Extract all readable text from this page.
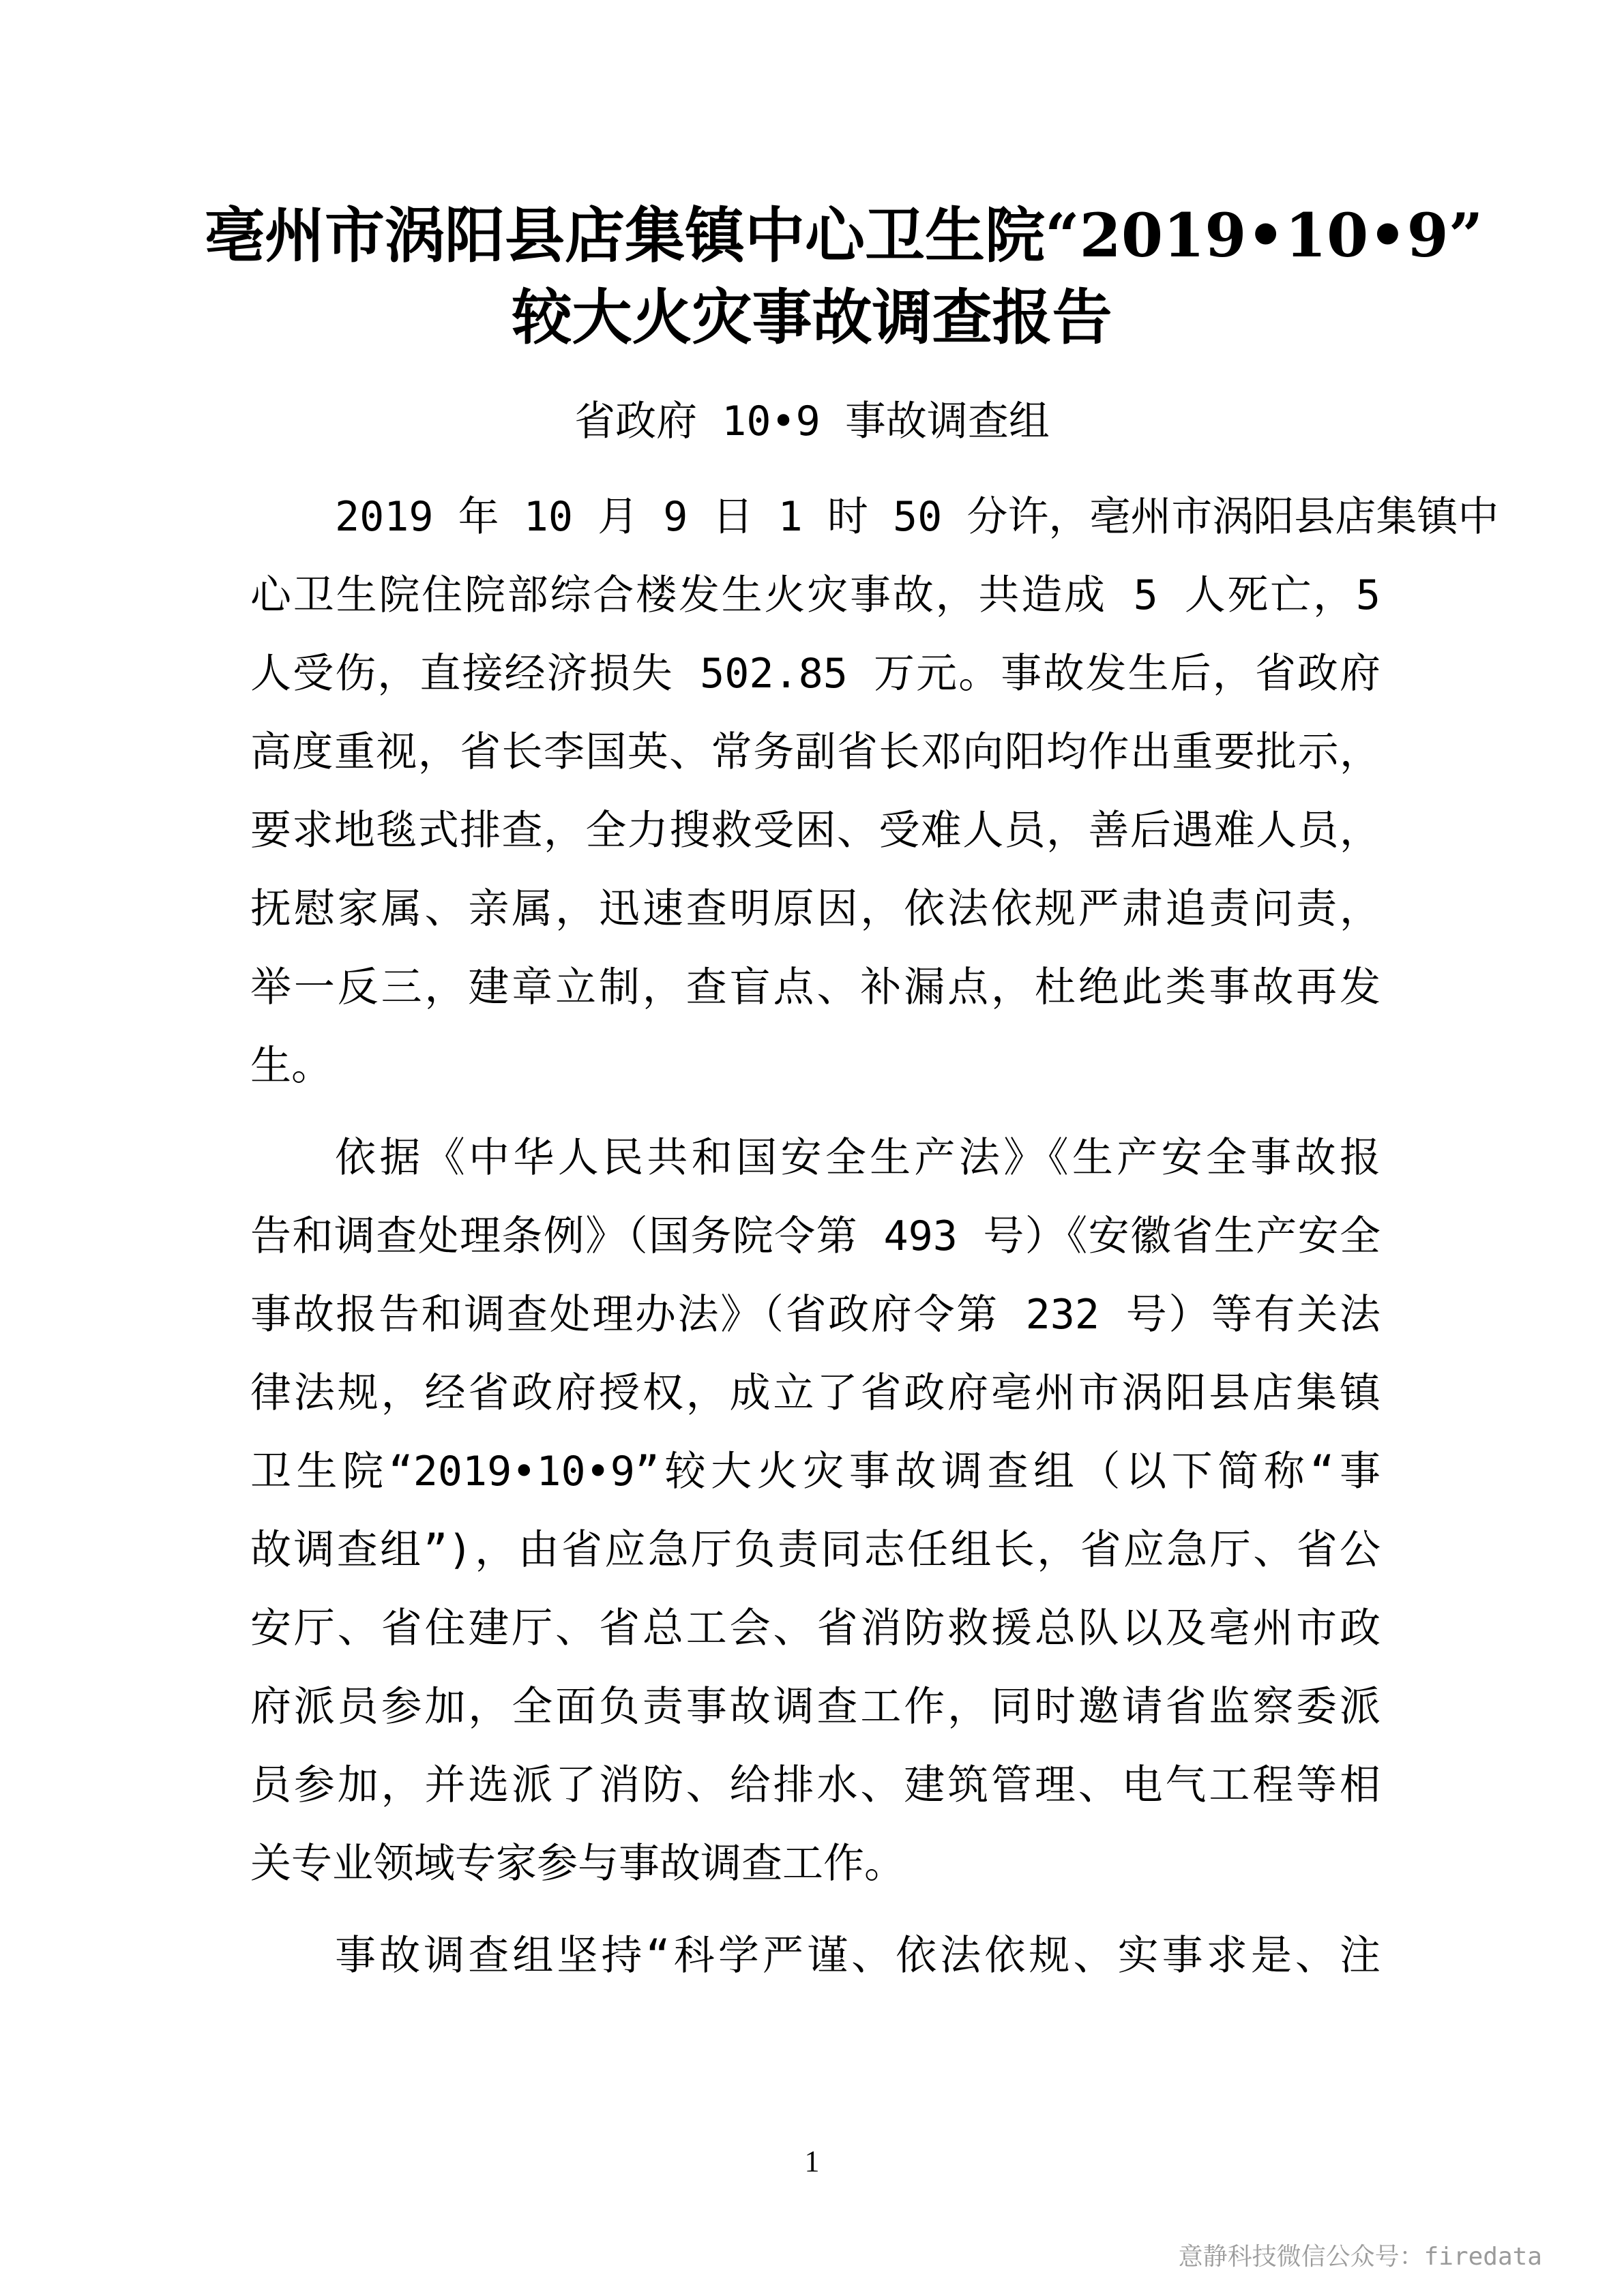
亳州市涡阳县店集镇中心卫生院“2019•10•9”
较大火灾事故调查报告
省政府 10•9 事故调查组
2019 年 10 月 9 日 1 时 50 分许，亳州市涡阳县店集镇中
心卫生院住院部综合楼发生火灾事故，共造成 5 人死亡，5
人受伤，直接经济损失 502.85 万元。事故发生后，省政府
高度重视，省长李国英、常务副省长邓向阳均作出重要批示，
要求地毯式排查，全力搜救受困、受难人员，善后遇难人员，
抚慰家属、亲属，迅速查明原因，依法依规严肃追责问责，
举一反三，建章立制，查盲点、补漏点，杜绝此类事故再发
生。
依据《中华人民共和国安全生产法》《生产安全事故报
告和调查处理条例》（国务院令第 493 号）《安徽省生产安全
事故报告和调查处理办法》（省政府令第 232 号）等有关法
律法规，经省政府授权，成立了省政府亳州市涡阳县店集镇
卫生院“2019•10•9”较大火灾事故调查组（以下简称“事
故调查组”)，由省应急厅负责同志任组长，省应急厅、省公
安厅、省住建厅、省总工会、省消防救援总队以及亳州市政
府派员参加，全面负责事故调查工作，同时邀请省监察委派
员参加，并选派了消防、给排水、建筑管理、电气工程等相
关专业领域专家参与事故调查工作。
事故调查组坚持“科学严谨、依法依规、实事求是、注
1
意静科技微信公众号：firedata
